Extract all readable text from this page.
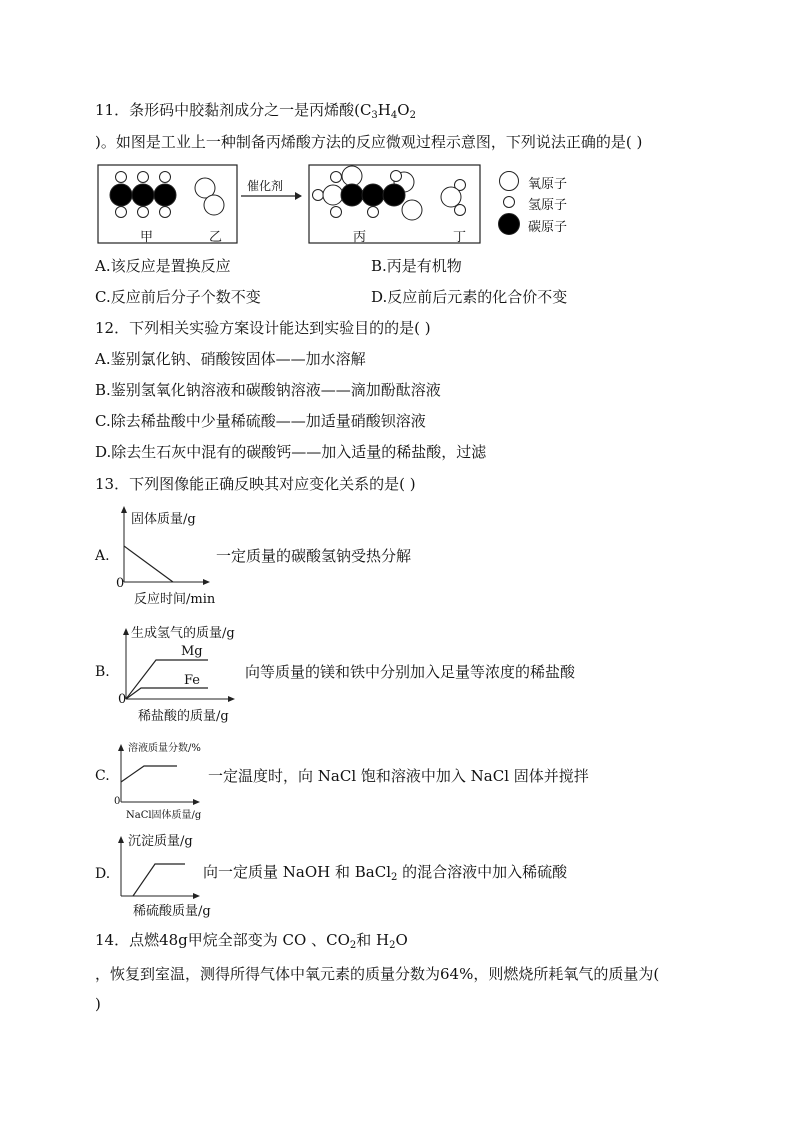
11．条形码中胶黏剂成分之一是丙烯酸($C_3H_4O_2$
)。如图是工业上一种制备丙烯酸方法的反应微观过程示意图，下列说法正确的是( )
催化剂
甲	乙	丙	丁
氧原子
氢原子
碳原子
A.该反应是置换反应	B.丙是有机物
C.反应前后分子个数不变	D.反应前后元素的化合价不变
12．下列相关实验方案设计能达到实验目的的是( )
A.鉴别氯化钠、硝酸铵固体——加水溶解
B.鉴别氢氧化钠溶液和碳酸钠溶液——滴加酚酞溶液
C.除去稀盐酸中少量稀硫酸——加适量硝酸钡溶液
D.除去生石灰中混有的碳酸钙——加入适量的稀盐酸，过滤
13．下列图像能正确反映其对应变化关系的是( )
A.
固体质量/g
0
反应时间/min
一定质量的碳酸氢钠受热分解
B.
生成氢气的质量/g
Mg
Fe
0
稀盐酸的质量/g
向等质量的镁和铁中分别加入足量等浓度的稀盐酸
C.
溶液质量分数/%
0
NaCl固体质量/g
一定温度时，向 NaCl 饱和溶液中加入 NaCl 固体并搅拌
D.
沉淀质量/g
稀硫酸质量/g
向一定质量 NaOH 和 BaCl$_2$ 的混合溶液中加入稀硫酸
14．点燃48g甲烷全部变为 CO 、$CO_2$和 $H_2O$
，恢复到室温，测得所得气体中氧元素的质量分数为64%，则燃烧所耗氧气的质量为(
)
